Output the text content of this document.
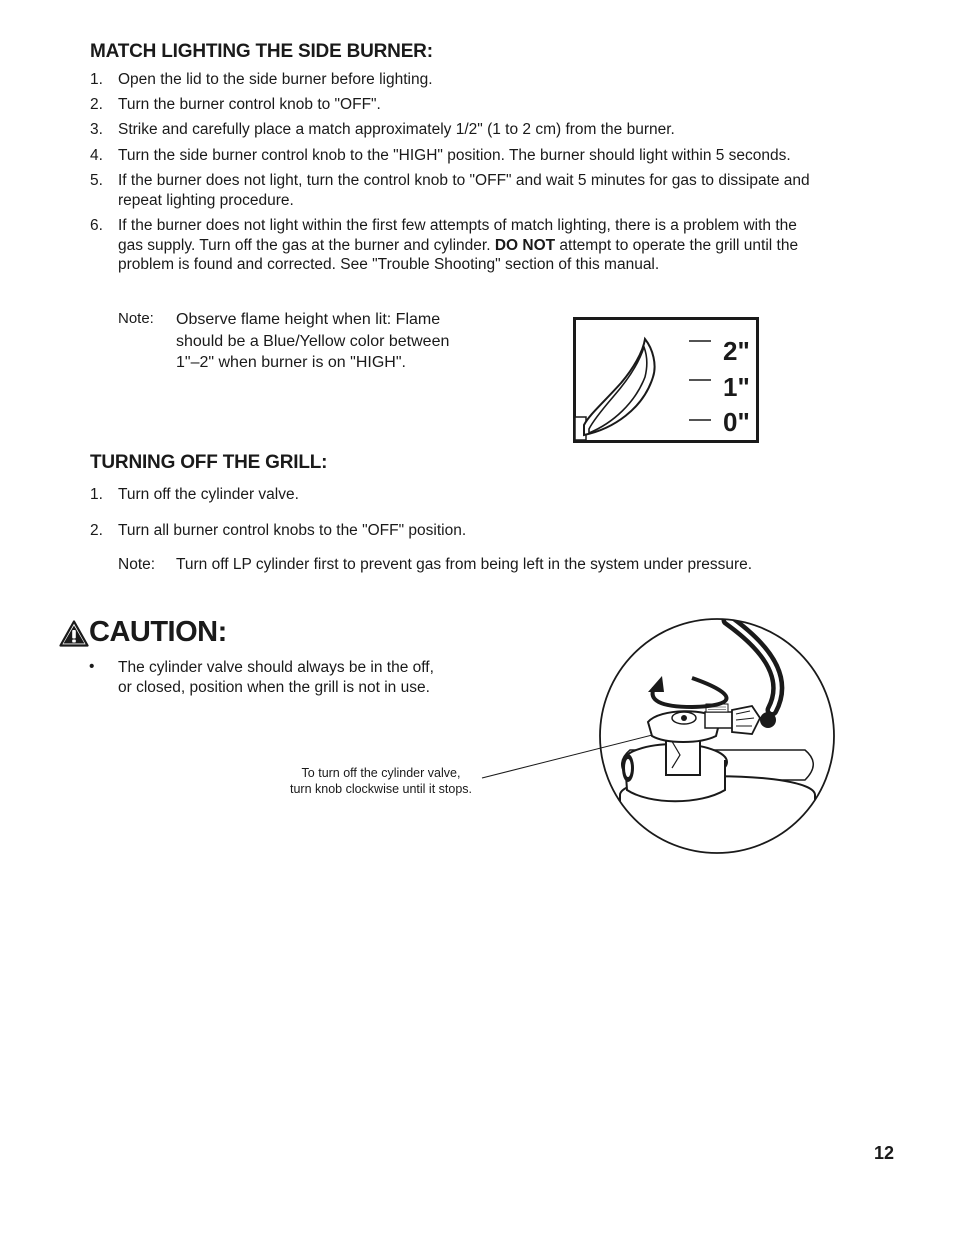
MATCH LIGHTING THE SIDE BURNER:
1. Open the lid to the side burner before lighting.
2. Turn the burner control knob to "OFF".
3. Strike and carefully place a match approximately 1/2" (1 to 2 cm) from the burner.
4. Turn the side burner control knob to the "HIGH" position. The burner should light within 5 seconds.
5. If the burner does not light, turn the control knob to "OFF" and wait 5 minutes for gas to dissipate and
repeat lighting procedure.
6. If the burner does not light within the first few attempts of match lighting, there is a problem with the
gas supply. Turn off the gas at the burner and cylinder. DO NOT attempt to operate the grill until the
problem is found and corrected. See "Trouble Shooting" section of this manual.
Note: Observe flame height when lit: Flame
should be a Blue/Yellow color between
1"–2" when burner is on "HIGH".	2"
1"
0"
TURNING OFF THE GRILL:
1. Turn off the cylinder valve.
2. Turn all burner control knobs to the "OFF" position.
Note: Turn off LP cylinder first to prevent gas from being left in the system under pressure.
CAUTION:
• The cylinder valve should always be in the off,
or closed, position when the grill is not in use.
To turn off the cylinder valve,
turn knob clockwise until it stops.
12
